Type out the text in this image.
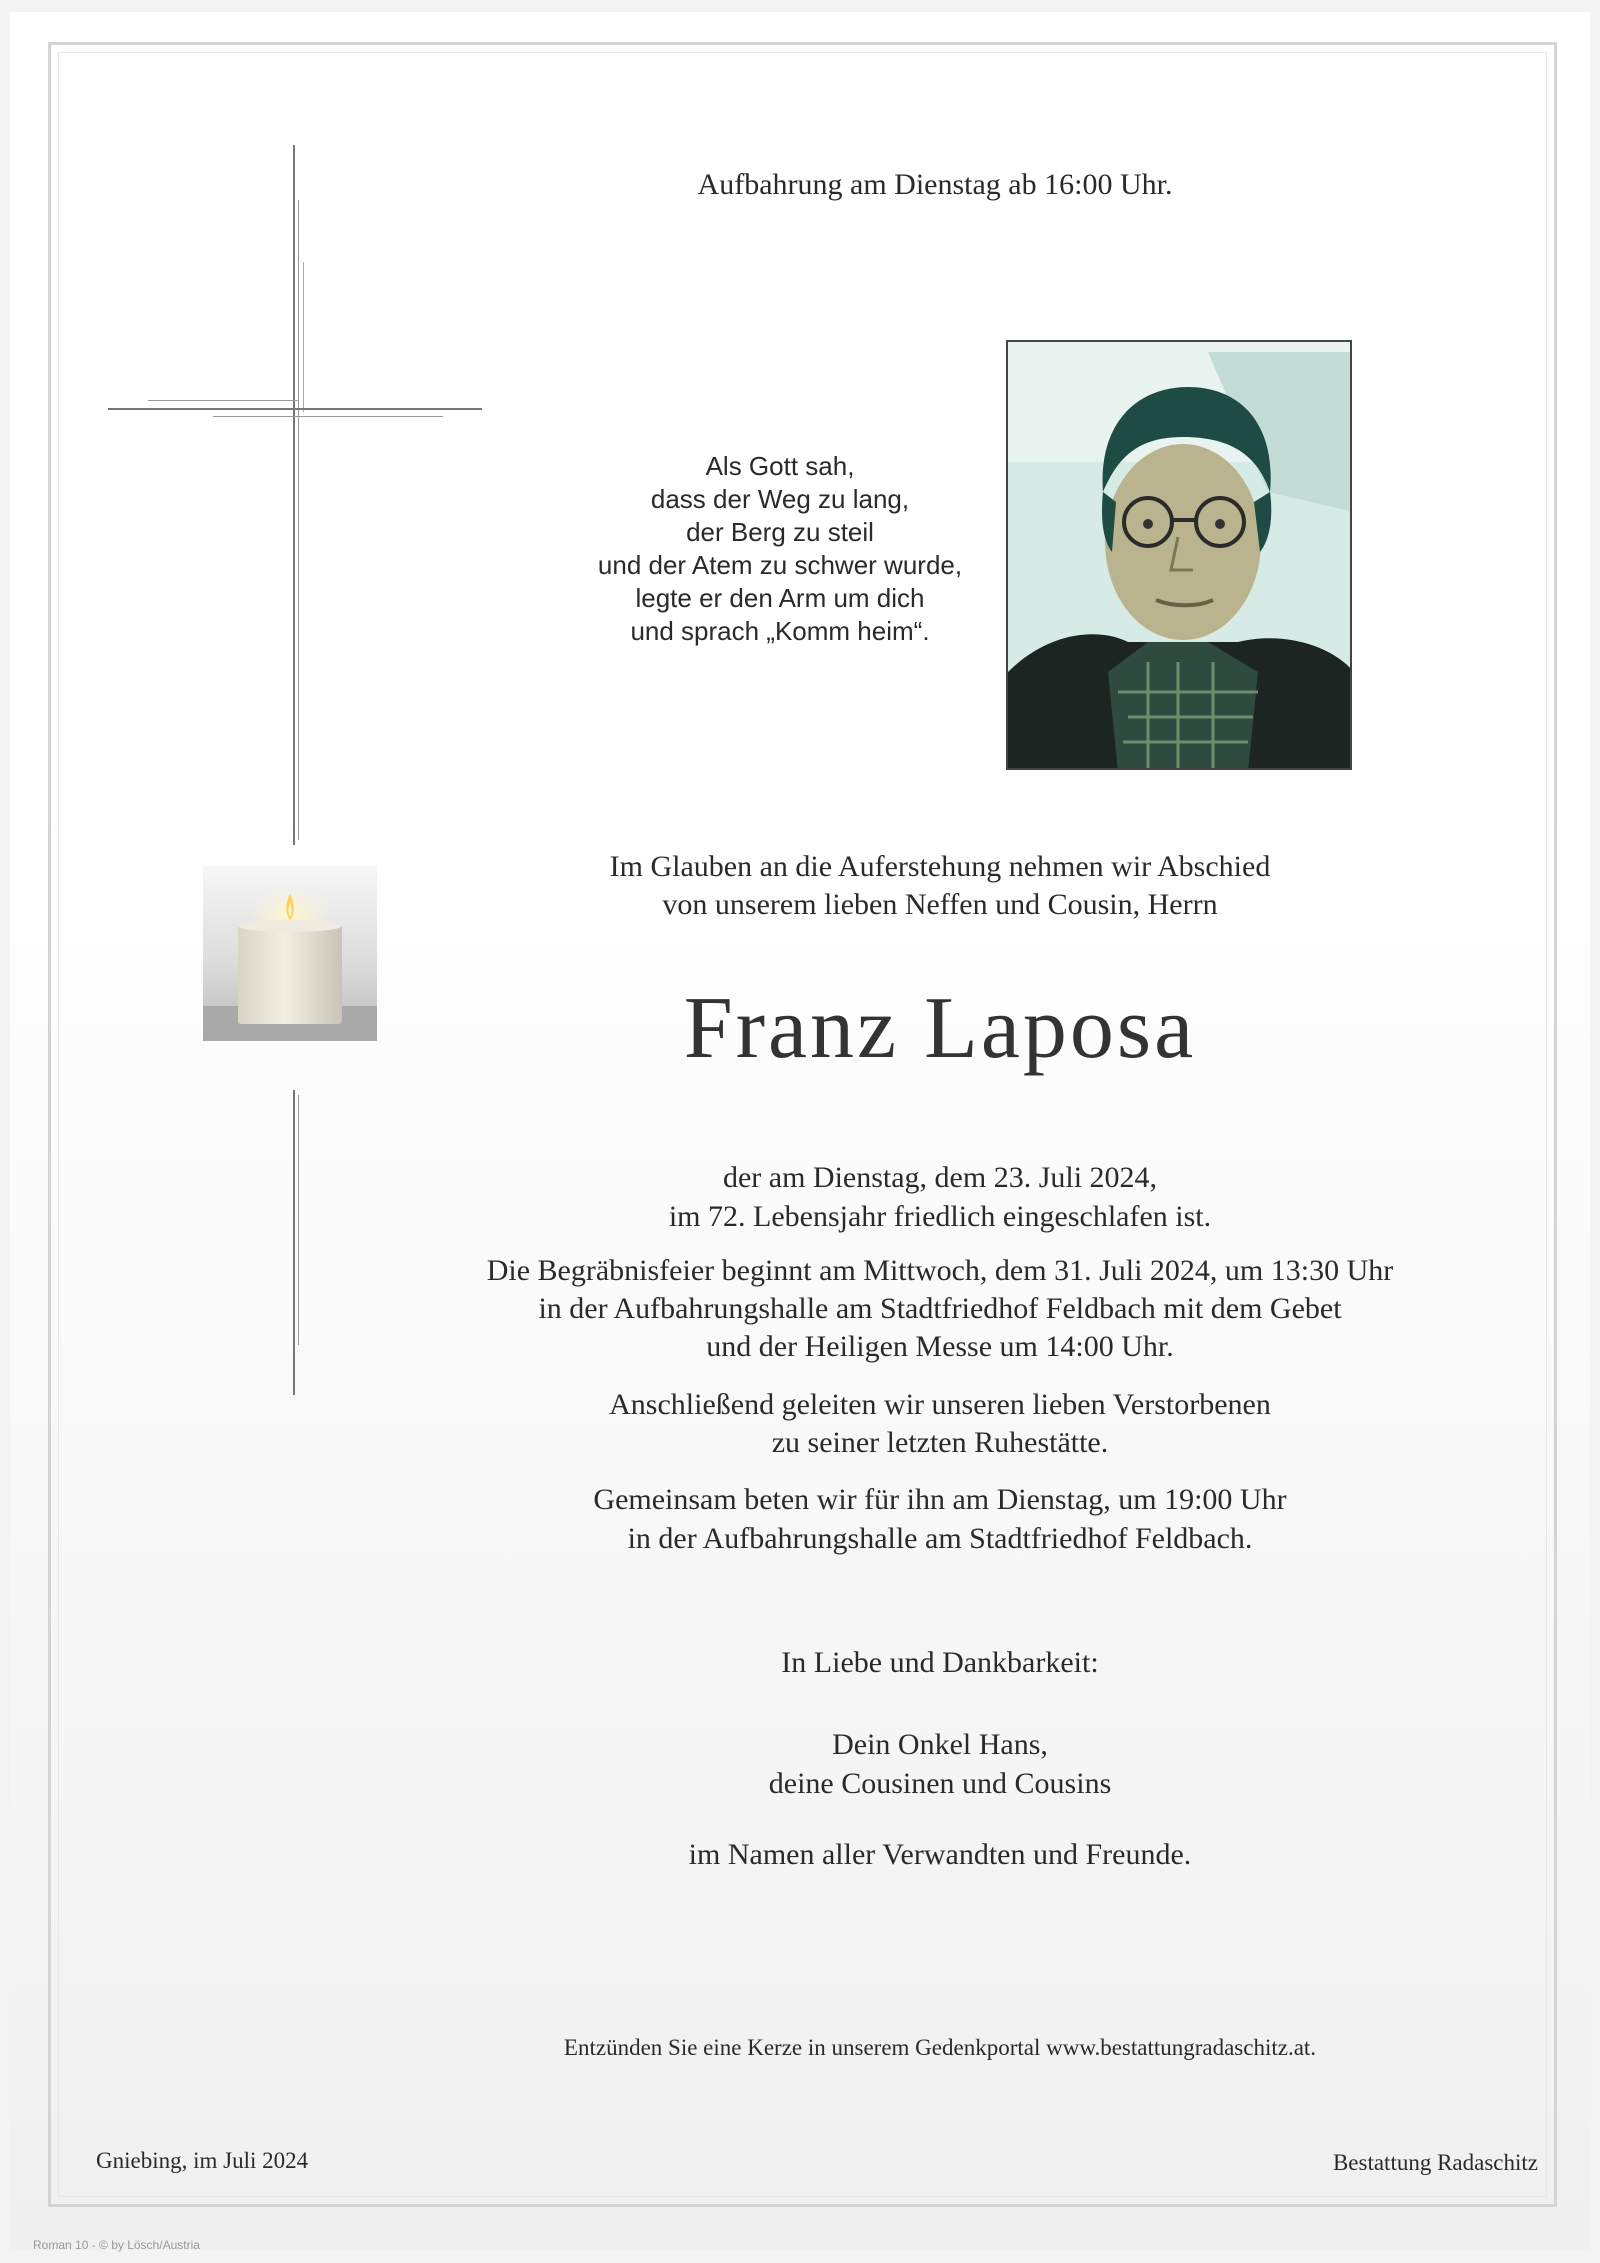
Aufbahrung am Dienstag ab 16:00 Uhr.

Als Gott sah,

dass der Weg zu lang,

der Berg zu steil

und der Atem zu schwer wurde,

legte er den Arm um dich

und sprach „Komm heim“.

Im Glauben an die Auferstehung nehmen wir Abschied

von unserem lieben Neffen und Cousin, Herrn

Franz Laposa

der am Dienstag, dem 23. Juli 2024,

im 72. Lebensjahr friedlich eingeschlafen ist.

Die Begräbnisfeier beginnt am Mittwoch, dem 31. Juli 2024, um 13:30 Uhr

in der Aufbahrungshalle am Stadtfriedhof Feldbach mit dem Gebet

und der Heiligen Messe um 14:00 Uhr.

Anschließend geleiten wir unseren lieben Verstorbenen

zu seiner letzten Ruhestätte.

Gemeinsam beten wir für ihn am Dienstag, um 19:00 Uhr

in der Aufbahrungshalle am Stadtfriedhof Feldbach.

In Liebe und Dankbarkeit:

Dein Onkel Hans,

deine Cousinen und Cousins

im Namen aller Verwandten und Freunde.
Entzünden Sie eine Kerze in unserem Gedenkportal www.bestattungradaschitz.at.
Gniebing, im Juli 2024	Bestattung Radaschitz
Roman 10 - © by Lösch/Austria
